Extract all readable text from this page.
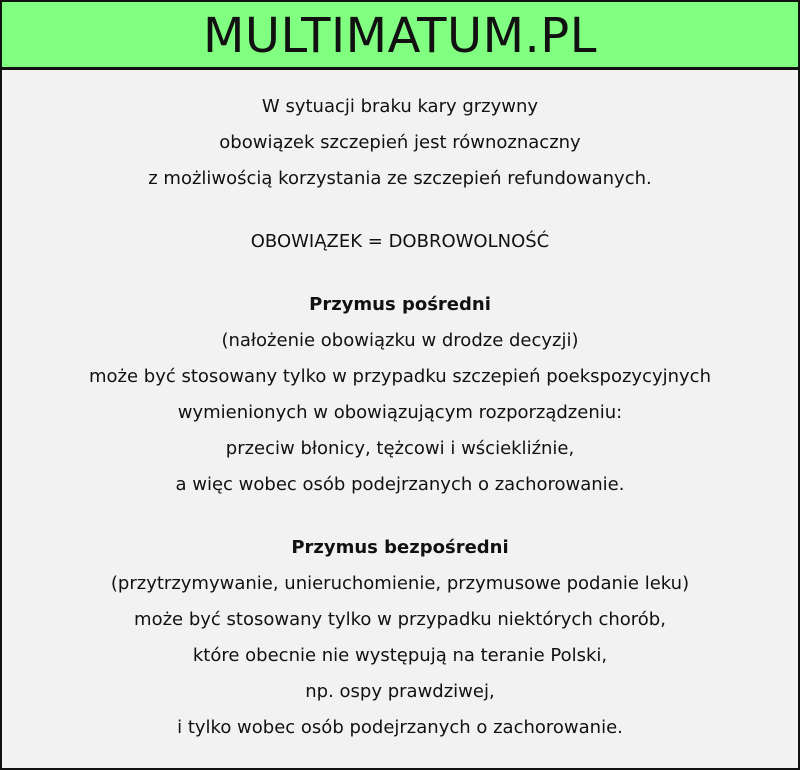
MULTIMATUM.PL
W sytuacji braku kary grzywny
obowiązek szczepień jest równoznaczny
z możliwością korzystania ze szczepień refundowanych.
OBOWIĄZEK = DOBROWOLNOŚĆ
Przymus pośredni
(nałożenie obowiązku w drodze decyzji)
może być stosowany tylko w przypadku szczepień poekspozycyjnych
wymienionych w obowiązującym rozporządzeniu:
przeciw błonicy, tężcowi i wściekliźnie,
a więc wobec osób podejrzanych o zachorowanie.
Przymus bezpośredni
(przytrzymywanie, unieruchomienie, przymusowe podanie leku)
może być stosowany tylko w przypadku niektórych chorób,
które obecnie nie występują na teranie Polski,
np. ospy prawdziwej,
i tylko wobec osób podejrzanych o zachorowanie.
